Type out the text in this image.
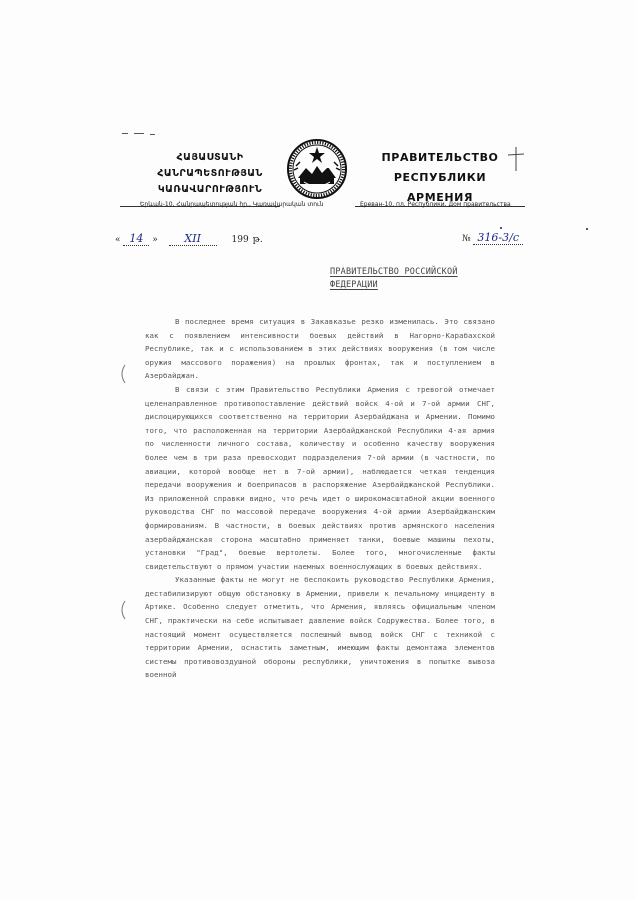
ՀԱՅԱՍՏԱՆԻ ՀԱՆՐԱՊԵՏՈՒԹՅԱՆ
ԿԱՌԱՎԱՐՈՒԹՅՈՒՆ
ПРАВИТЕЛЬСТВО
РЕСПУБЛИКИ АРМЕНИЯ
Երևան-10, Հանրապետության հր., Կառավարական տուն	Ереван-10, пл. Республики, Дом правительства
« 14 » XII	199 թ.	№ 316-3/с
ПРАВИТЕЛЬСТВО РОССИЙСКОЙ ФЕДЕРАЦИИ

В последнее время ситуация в Закавказье резко изменилась. Это связано как с появлением интенсивности боевых действий в Нагорно-Карабахской Республике, так и с использованием в этих действиях вооружения (в том числе оружия массового поражения) на прошлых фронтах, так и поступлением в Азербайджан.

В связи с этим Правительство Республики Армения с тревогой отмечает целенаправленное противопоставление действий войск 4-ой и 7-ой армии СНГ, дислоцирующихся соответственно на территории Азербайджана и Армении. Помимо того, что расположенная на территории Азербайджанской Республики 4-ая армия по численности личного состава, количеству и особенно качеству вооружения более чем в три раза превосходит подразделения 7-ой армии (в частности, по авиации, которой вообще нет в 7-ой армии), наблюдается четкая тенденция передачи вооружения и боеприпасов в распоряжение Азербайджанской Республики. Из приложенной справки видно, что речь идет о широкомасштабной акции военного руководства СНГ по массовой передаче вооружения 4-ой армии Азербайджанским формированиям. В частности, в боевых действиях против армянского населения азербайджанская сторона масштабно применяет танки, боевые машины пехоты, установки "Град", боевые вертолеты. Более того, многочисленные факты свидетельствуют о прямом участии наемных военнослужащих в боевых действиях.

Указанные факты не могут не беспокоить руководство Республики Армения, дестабилизируют общую обстановку в Армении, привели к печальному инциденту в Артике. Особенно следует отметить, что Армения, являясь официальным членом СНГ, практически на себе испытывает давление войск Содружества. Более того, в настоящий момент осуществляется поспешный вывод войск СНГ с техникой с территории Армении, оснастить заметным, имеющим факты демонтажа элементов системы противовоздушной обороны республики, уничтожения в попытке вывоза военной
